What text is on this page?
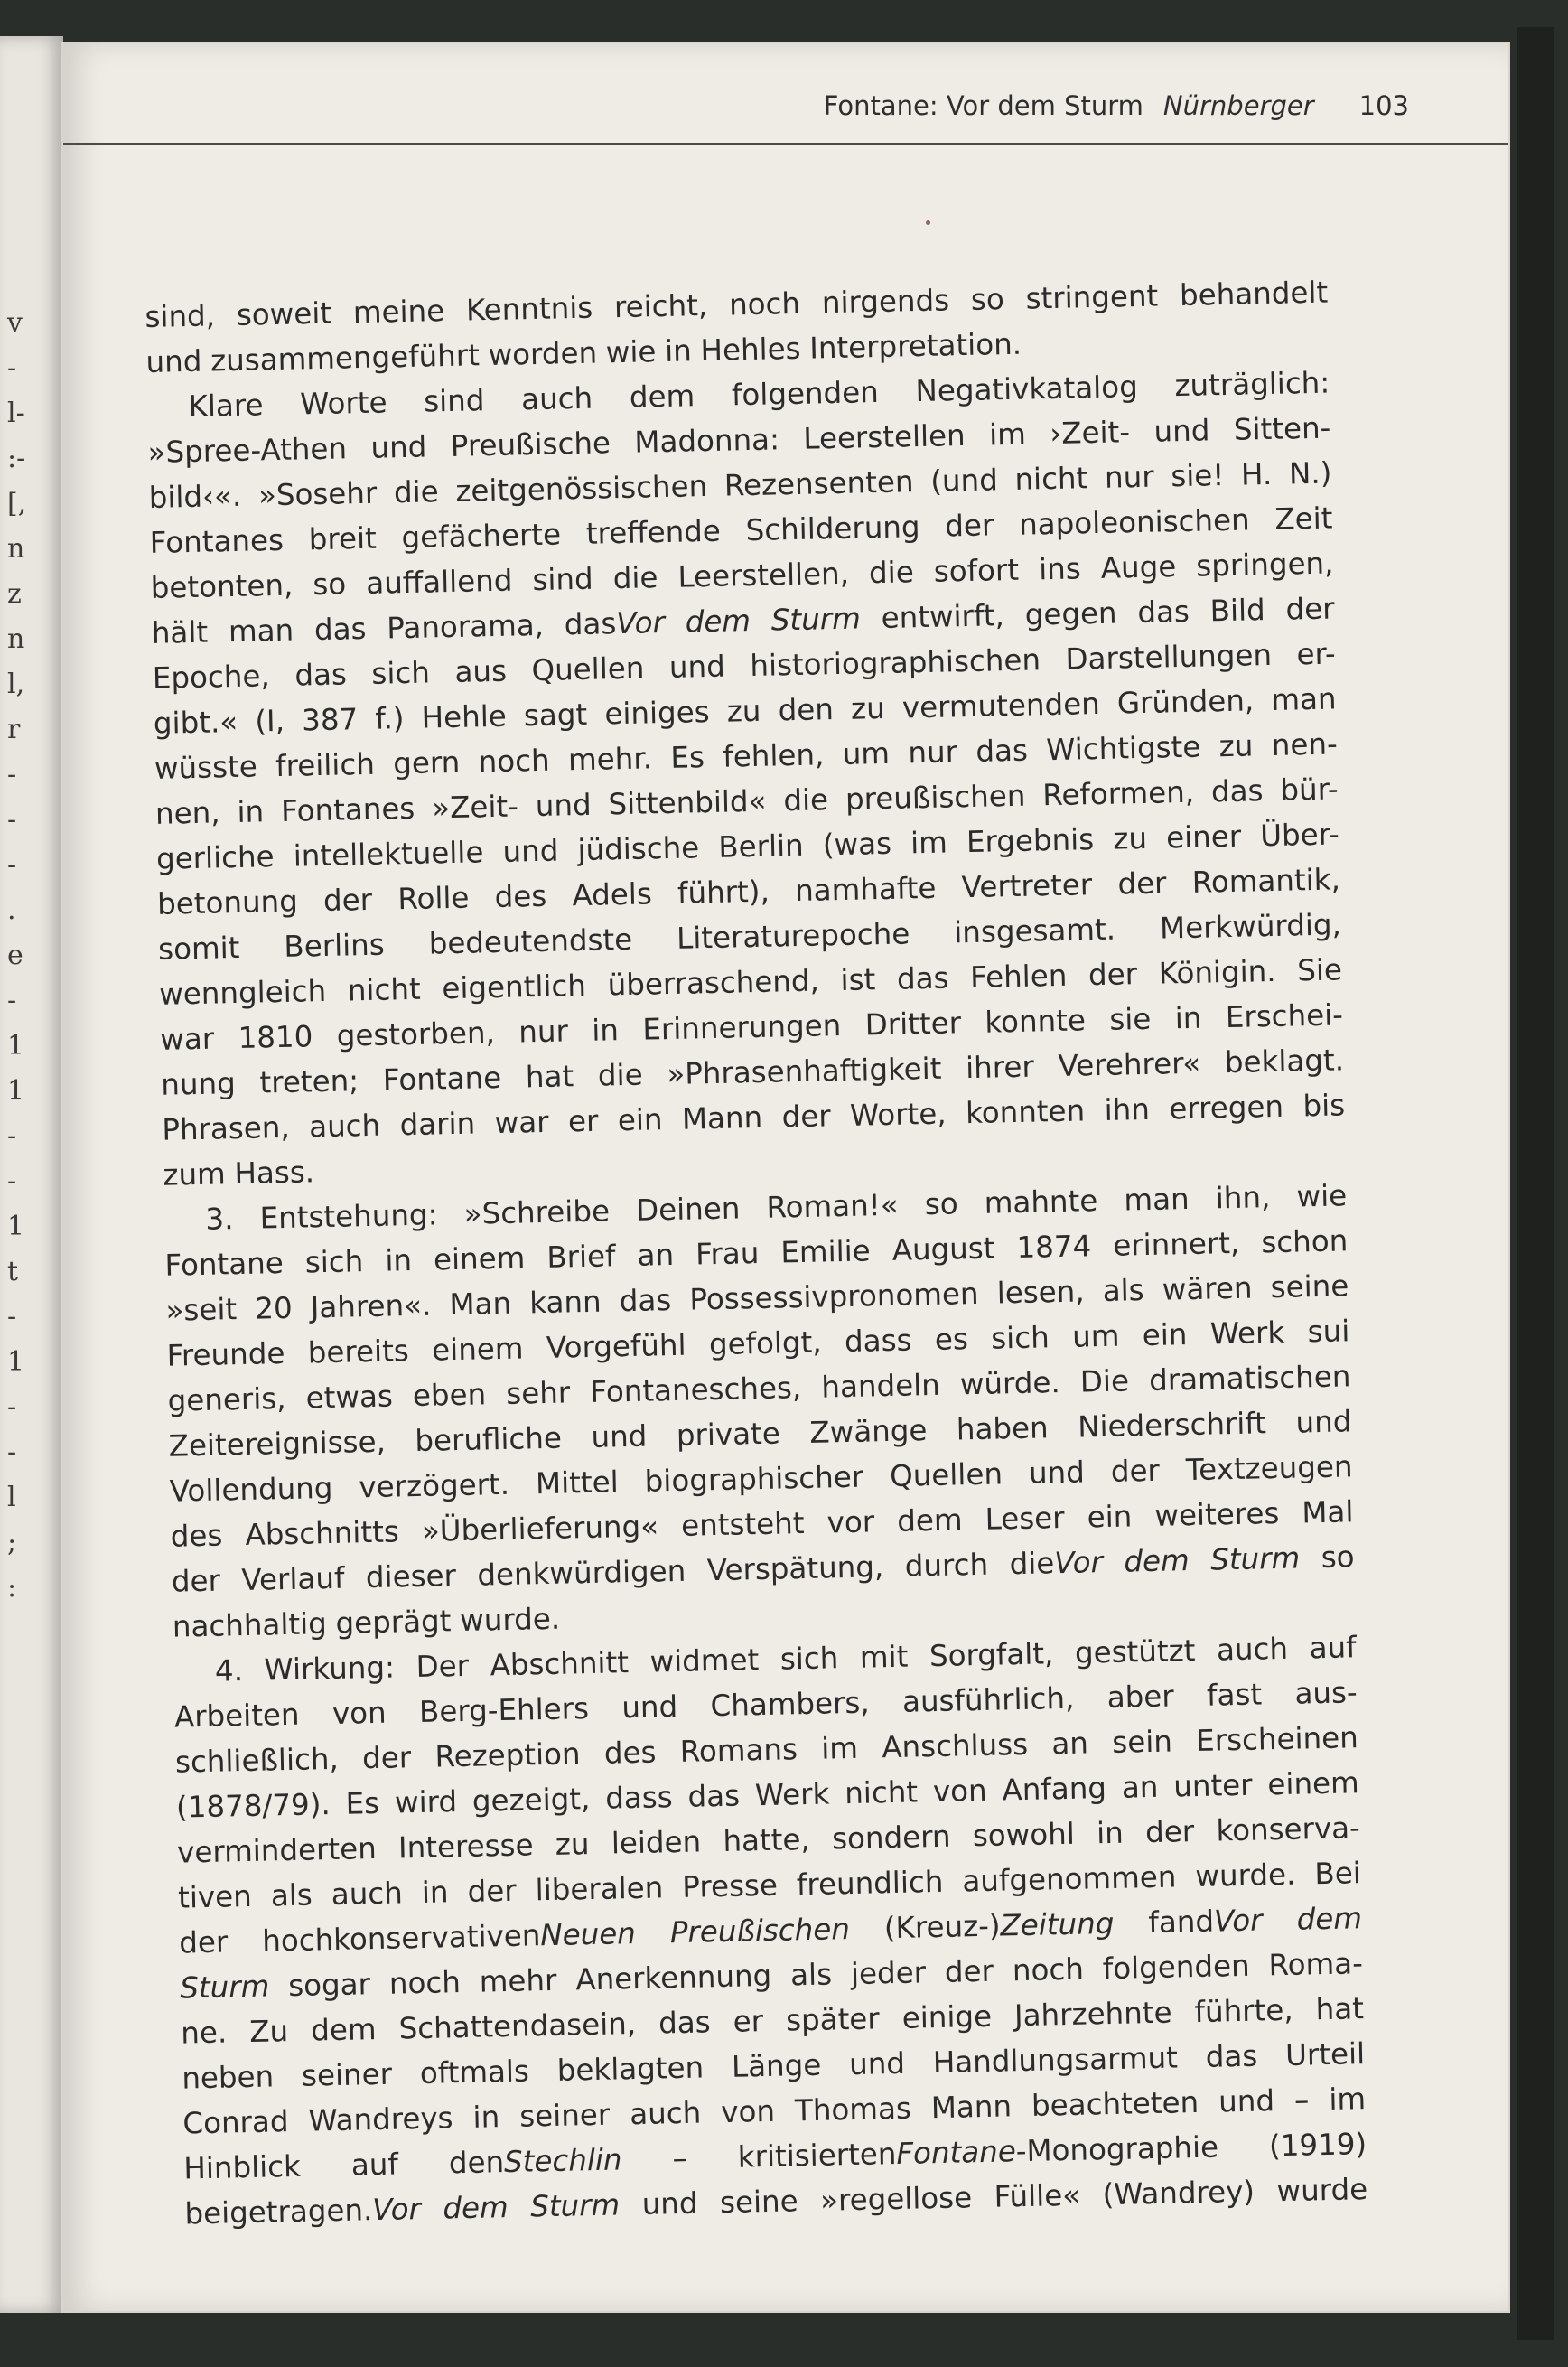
v
-
l-
:-
[,
n
z
n
l,
r
-
-
-
.
e
-
1
1
-
-
1
t
-
1
-
-
l
;
:
Fontane: Vor dem Sturm Nürnberger 103
sind, soweit meine Kenntnis reicht, noch nirgends so stringent behandelt
und zusammengeführt worden wie in Hehles Interpretation.
Klare Worte sind auch dem folgenden Negativkatalog zuträglich:
»Spree-Athen und Preußische Madonna: Leerstellen im ›Zeit- und Sitten-
bild‹«. »Sosehr die zeitgenössischen Rezensenten (und nicht nur sie! H. N.)
Fontanes breit gefächerte treffende Schilderung der napoleonischen Zeit
betonten, so auffallend sind die Leerstellen, die sofort ins Auge springen,
hält man das Panorama, dasVor dem Sturm entwirft, gegen das Bild der
Epoche, das sich aus Quellen und historiographischen Darstellungen er-
gibt.« (I, 387 f.) Hehle sagt einiges zu den zu vermutenden Gründen, man
wüsste freilich gern noch mehr. Es fehlen, um nur das Wichtigste zu nen-
nen, in Fontanes »Zeit- und Sittenbild« die preußischen Reformen, das bür-
gerliche intellektuelle und jüdische Berlin (was im Ergebnis zu einer Über-
betonung der Rolle des Adels führt), namhafte Vertreter der Romantik,
somit Berlins bedeutendste Literaturepoche insgesamt. Merkwürdig,
wenngleich nicht eigentlich überraschend, ist das Fehlen der Königin. Sie
war 1810 gestorben, nur in Erinnerungen Dritter konnte sie in Erschei-
nung treten; Fontane hat die »Phrasenhaftigkeit ihrer Verehrer« beklagt.
Phrasen, auch darin war er ein Mann der Worte, konnten ihn erregen bis
zum Hass.
3. Entstehung: »Schreibe Deinen Roman!« so mahnte man ihn, wie
Fontane sich in einem Brief an Frau Emilie August 1874 erinnert, schon
»seit 20 Jahren«. Man kann das Possessivpronomen lesen, als wären seine
Freunde bereits einem Vorgefühl gefolgt, dass es sich um ein Werk sui
generis, etwas eben sehr Fontanesches, handeln würde. Die dramatischen
Zeitereignisse, berufliche und private Zwänge haben Niederschrift und
Vollendung verzögert. Mittel biographischer Quellen und der Textzeugen
des Abschnitts »Überlieferung« entsteht vor dem Leser ein weiteres Mal
der Verlauf dieser denkwürdigen Verspätung, durch dieVor dem Sturm so
nachhaltig geprägt wurde.
4. Wirkung: Der Abschnitt widmet sich mit Sorgfalt, gestützt auch auf
Arbeiten von Berg-Ehlers und Chambers, ausführlich, aber fast aus-
schließlich, der Rezeption des Romans im Anschluss an sein Erscheinen
(1878/79). Es wird gezeigt, dass das Werk nicht von Anfang an unter einem
verminderten Interesse zu leiden hatte, sondern sowohl in der konserva-
tiven als auch in der liberalen Presse freundlich aufgenommen wurde. Bei
der hochkonservativenNeuen Preußischen (Kreuz-)Zeitung fandVor dem
Sturm sogar noch mehr Anerkennung als jeder der noch folgenden Roma-
ne. Zu dem Schattendasein, das er später einige Jahrzehnte führte, hat
neben seiner oftmals beklagten Länge und Handlungsarmut das Urteil
Conrad Wandreys in seiner auch von Thomas Mann beachteten und – im
Hinblick auf denStechlin – kritisiertenFontane-Monographie (1919)
beigetragen.Vor dem Sturm und seine »regellose Fülle« (Wandrey) wurde
